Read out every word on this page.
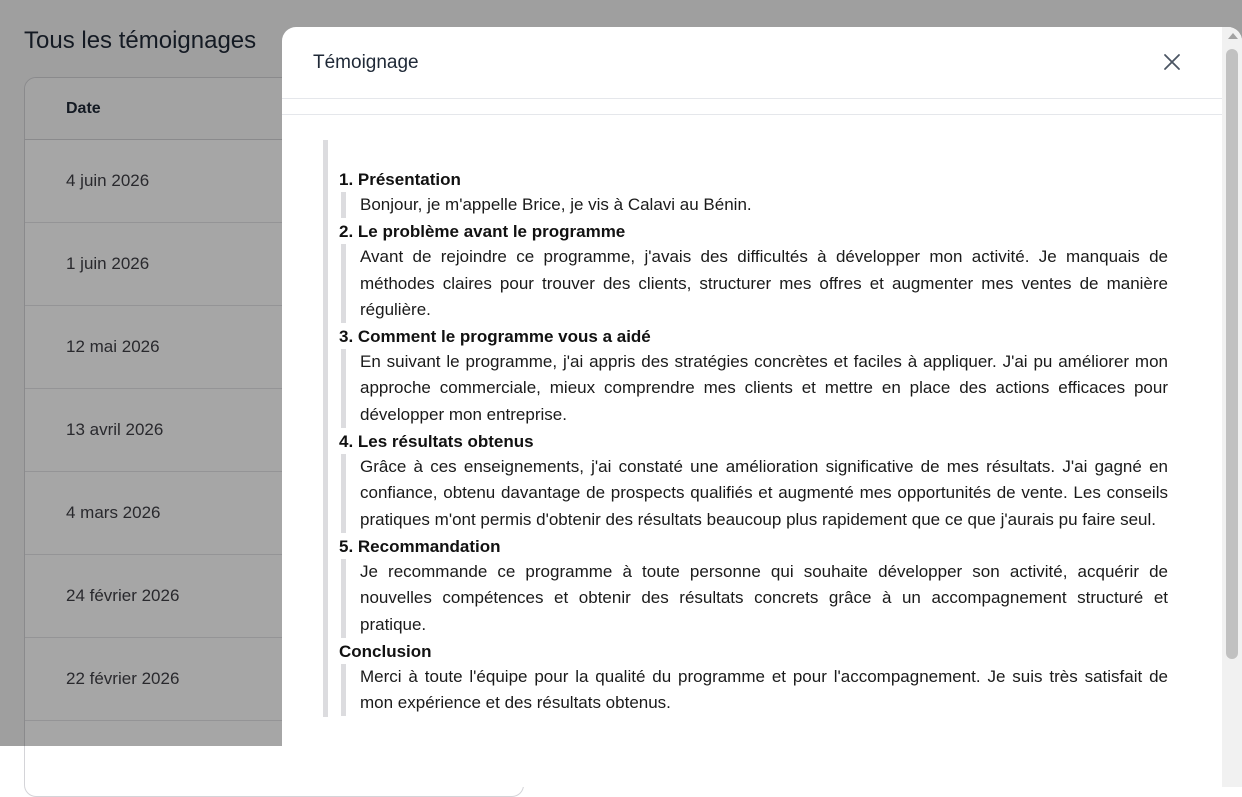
Tous les témoignages
Date
4 juin 2026
1 juin 2026
12 mai 2026
13 avril 2026
4 mars 2026
24 février 2026
22 février 2026
Témoignage
1. Présentation
Bonjour, je m'appelle Brice, je vis à Calavi au Bénin.
2. Le problème avant le programme
Avant de rejoindre ce programme, j'avais des difficultés à développer mon activité. Je manquais de méthodes claires pour trouver des clients, structurer mes offres et augmenter mes ventes de manière régulière.
3. Comment le programme vous a aidé
En suivant le programme, j'ai appris des stratégies concrètes et faciles à appliquer. J'ai pu améliorer mon approche commerciale, mieux comprendre mes clients et mettre en place des actions efficaces pour développer mon entreprise.
4. Les résultats obtenus
Grâce à ces enseignements, j'ai constaté une amélioration significative de mes résultats. J'ai gagné en confiance, obtenu davantage de prospects qualifiés et augmenté mes opportunités de vente. Les conseils pratiques m'ont permis d'obtenir des résultats beaucoup plus rapidement que ce que j'aurais pu faire seul.
5. Recommandation
Je recommande ce programme à toute personne qui souhaite développer son activité, acquérir de nouvelles compétences et obtenir des résultats concrets grâce à un accompagnement structuré et pratique.
Conclusion
Merci à toute l'équipe pour la qualité du programme et pour l'accompagnement. Je suis très satisfait de mon expérience et des résultats obtenus.
